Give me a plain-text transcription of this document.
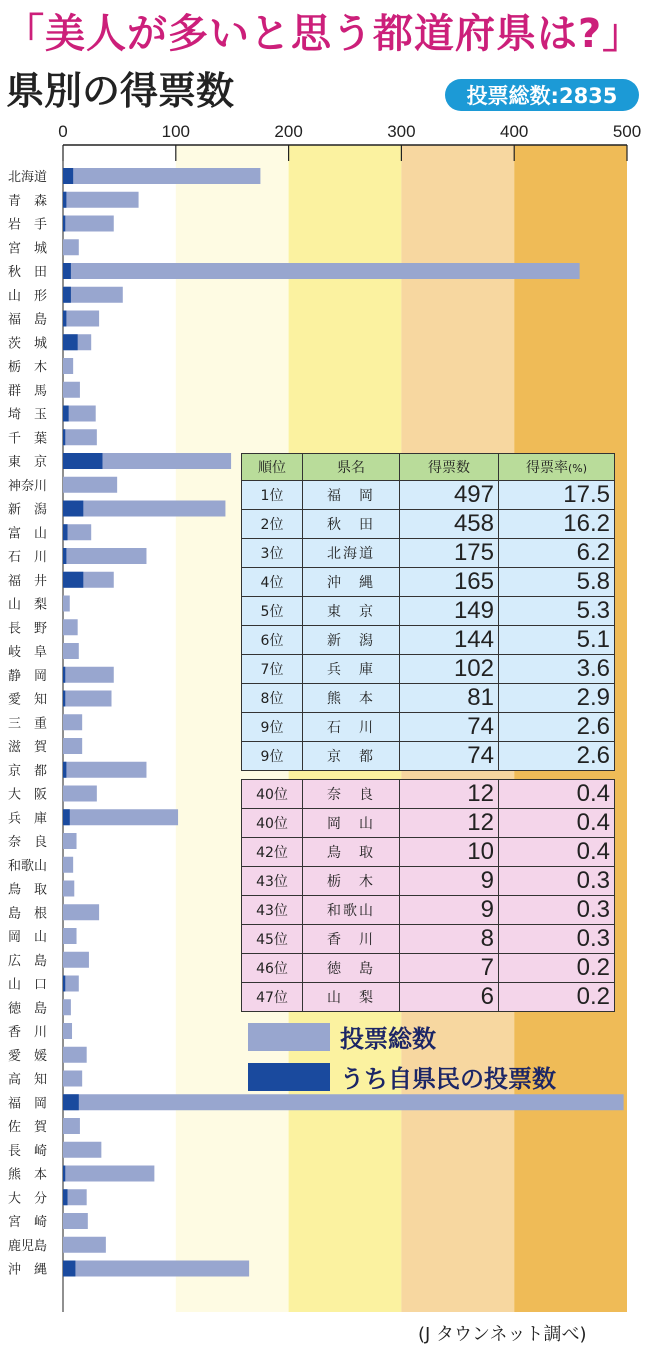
「美人が多いと思う都道府県は?」
県別の得票数	投票総数:2835
0	100	200	300	400	500
北海道
青　森
岩　手
宮　城
秋　田
山　形
福　島
茨　城
栃　木
群　馬
埼　玉
千　葉
東　京
神奈川
新　潟
富　山
石　川
福　井
山　梨
長　野
岐　阜
静　岡
愛　知
三　重
滋　賀
京　都
大　阪
兵　庫
奈　良
和歌山
鳥　取
島　根
岡　山
広　島
山　口
徳　島
香　川
愛　媛
高　知
福　岡
佐　賀
長　崎
熊　本
大　分
宮　崎
鹿児島
沖　縄
順位	県名	得票数	得票率(%)
1位	福　岡	497	17.5
2位	秋　田	458	16.2
3位	北海道	175	6.2
4位	沖　縄	165	5.8
5位	東　京	149	5.3
6位	新　潟	144	5.1
7位	兵　庫	102	3.6
8位	熊　本	81	2.9
9位	石　川	74	2.6
9位	京　都	74	2.6
40位	奈　良	12	0.4
40位	岡　山	12	0.4
42位	鳥　取	10	0.4
43位	栃　木	9	0.3
43位	和歌山	9	0.3
45位	香　川	8	0.3
46位	徳　島	7	0.2
47位	山　梨	6	0.2
投票総数
うち自県民の投票数
(J タウンネット調べ)
